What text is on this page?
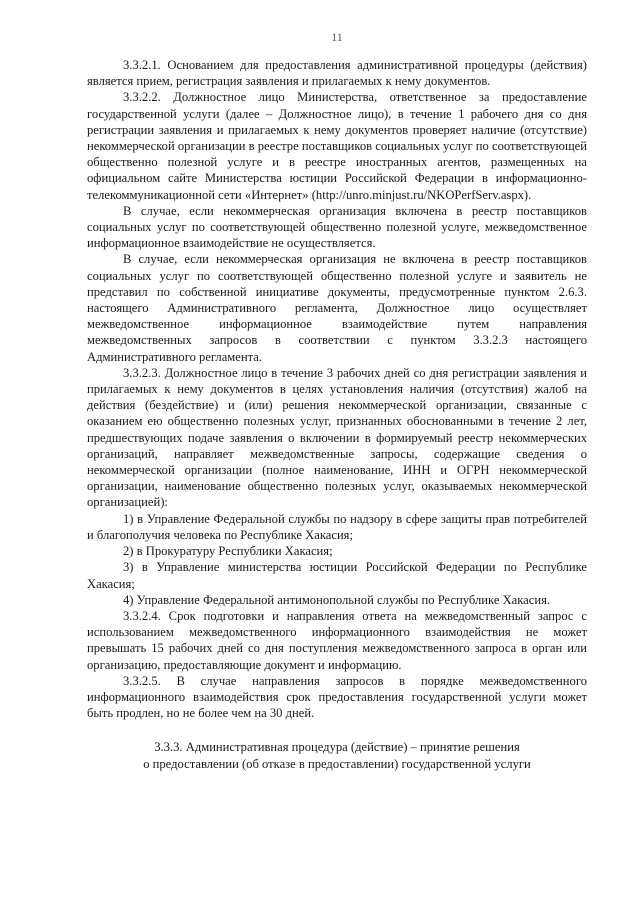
11

3.3.2.1. Основанием для предоставления административной процедуры (действия) является прием, регистрация заявления и прилагаемых к нему документов.

3.3.2.2. Должностное лицо Министерства, ответственное за предоставление государственной услуги (далее – Должностное лицо), в течение 1 рабочего дня со дня регистрации заявления и прилагаемых к нему документов проверяет наличие (отсутствие) некоммерческой организации в реестре поставщиков социальных услуг по соответствующей общественно полезной услуге и в реестре иностранных агентов, размещенных на официальном сайте Министерства юстиции Российской Федерации в информационно-телекоммуникационной сети «Интернет» (http://unro.minjust.ru/NKOPerfServ.aspx).

В случае, если некоммерческая организация включена в реестр поставщиков социальных услуг по соответствующей общественно полезной услуге, межведомственное информационное взаимодействие не осуществляется.

В случае, если некоммерческая организация не включена в реестр поставщиков социальных услуг по соответствующей общественно полезной услуге и заявитель не представил по собственной инициативе документы, предусмотренные пунктом 2.6.3. настоящего Административного регламента, Должностное лицо осуществляет межведомственное информационное взаимодействие путем направления межведомственных запросов в соответствии с пунктом 3.3.2.3 настоящего Административного регламента.

3.3.2.3. Должностное лицо в течение 3 рабочих дней со дня регистрации заявления и прилагаемых к нему документов в целях установления наличия (отсутствия) жалоб на действия (бездействие) и (или) решения некоммерческой организации, связанные с оказанием ею общественно полезных услуг, признанных обоснованными в течение 2 лет, предшествующих подаче заявления о включении в формируемый реестр некоммерческих организаций, направляет межведомственные запросы, содержащие сведения о некоммерческой организации (полное наименование, ИНН и ОГРН некоммерческой организации, наименование общественно полезных услуг, оказываемых некоммерческой организацией):

1) в Управление Федеральной службы по надзору в сфере защиты прав потребителей и благополучия человека по Республике Хакасия;

2) в Прокуратуру Республики Хакасия;

3) в Управление министерства юстиции Российской Федерации по Республике Хакасия;

4) Управление Федеральной антимонопольной службы по Республике Хакасия.

3.3.2.4. Срок подготовки и направления ответа на межведомственный запрос с использованием межведомственного информационного взаимодействия не может превышать 15 рабочих дней со дня поступления межведомственного запроса в орган или организацию, предоставляющие документ и информацию.

3.3.2.5. В случае направления запросов в порядке межведомственного информационного взаимодействия срок предоставления государственной услуги может быть продлен, но не более чем на 30 дней.

3.3.3. Административная процедура (действие) – принятие решения
о предоставлении (об отказе в предоставлении) государственной услуги
